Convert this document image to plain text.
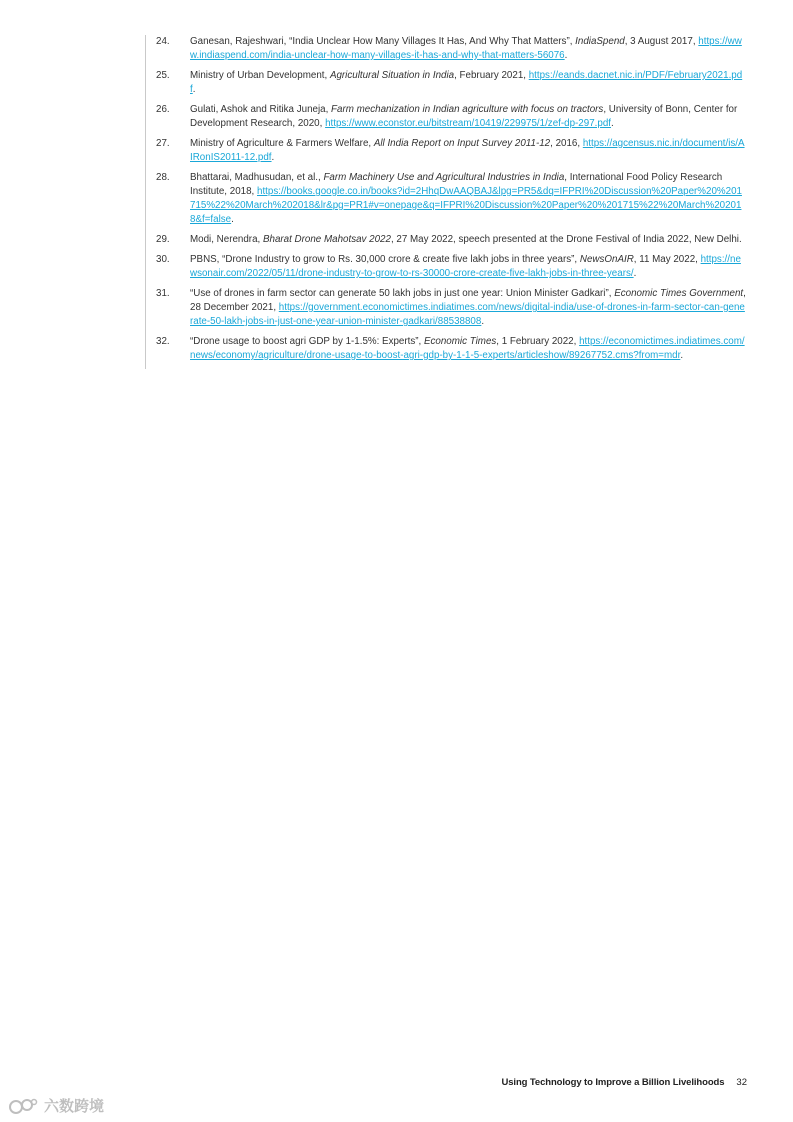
24.	Ganesan, Rajeshwari, “India Unclear How Many Villages It Has, And Why That Matters”, IndiaSpend, 3 August 2017, https://www.indiaspend.com/india-unclear-how-many-villages-it-has-and-why-that-matters-56076.
25.	Ministry of Urban Development, Agricultural Situation in India, February 2021, https://eands.dacnet.nic.in/PDF/February2021.pdf.
26.	Gulati, Ashok and Ritika Juneja, Farm mechanization in Indian agriculture with focus on tractors, University of Bonn, Center for Development Research, 2020, https://www.econstor.eu/bitstream/10419/229975/1/zef-dp-297.pdf.
27.	Ministry of Agriculture & Farmers Welfare, All India Report on Input Survey 2011-12, 2016, https://agcensus.nic.in/document/is/AIRonIS2011-12.pdf.
28.	Bhattarai, Madhusudan, et al., Farm Machinery Use and Agricultural Industries in India, International Food Policy Research Institute, 2018, https://books.google.co.in/books?id=2HhqDwAAQBAJ&lpg=PR5&dq=IFPRI%20Discussion%20Paper%20%201715%22%20March%202018&lr&pg=PR1#v=onepage&q=IFPRI%20Discussion%20Paper%20%201715%22%20March%202018&f=false.
29.	Modi, Nerendra, Bharat Drone Mahotsav 2022, 27 May 2022, speech presented at the Drone Festival of India 2022, New Delhi.
30.	PBNS, “Drone Industry to grow to Rs. 30,000 crore & create five lakh jobs in three years”, NewsOnAIR, 11 May 2022, https://newsonair.com/2022/05/11/drone-industry-to-grow-to-rs-30000-crore-create-five-lakh-jobs-in-three-years/.
31.	“Use of drones in farm sector can generate 50 lakh jobs in just one year: Union Minister Gadkari”, Economic Times Government, 28 December 2021, https://government.economictimes.indiatimes.com/news/digital-india/use-of-drones-in-farm-sector-can-generate-50-lakh-jobs-in-just-one-year-union-minister-gadkari/88538808.
32.	“Drone usage to boost agri GDP by 1-1.5%: Experts”, Economic Times, 1 February 2022, https://economictimes.indiatimes.com/news/economy/agriculture/drone-usage-to-boost-agri-gdp-by-1-1-5-experts/articleshow/89267752.cms?from=mdr.
Using Technology to Improve a Billion Livelihoods 32
六数跨境
